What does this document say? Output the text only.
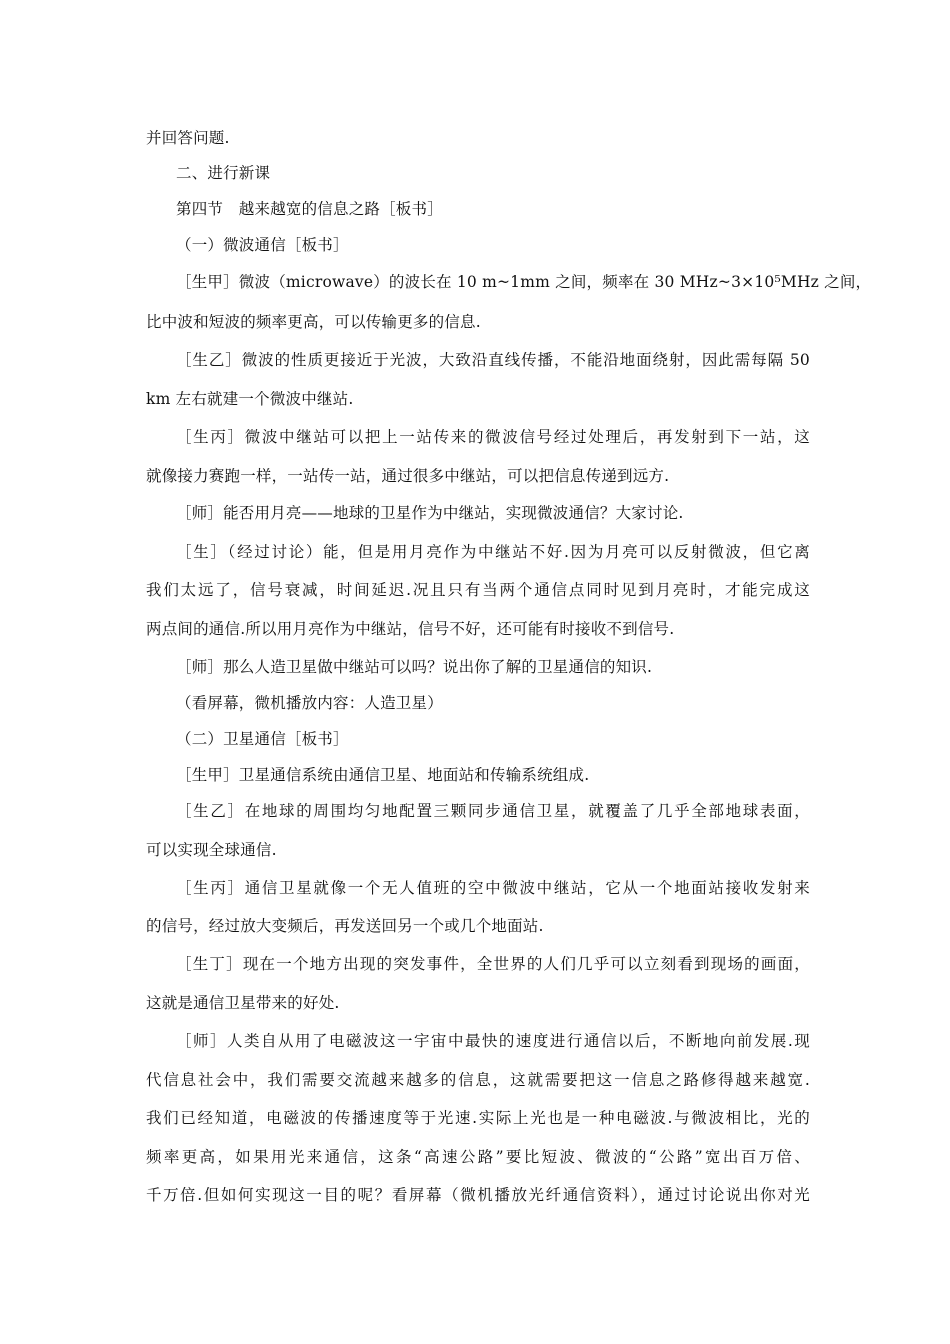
并回答问题.
二、进行新课
第四节　越来越宽的信息之路［板书］
（一）微波通信［板书］
［生甲］微波（microwave）的波长在 10 m~1mm 之间，频率在 30 MHz~3×10⁵MHz 之间，
比中波和短波的频率更高，可以传输更多的信息.
［生乙］微波的性质更接近于光波，大致沿直线传播，不能沿地面绕射，因此需每隔 50
km 左右就建一个微波中继站.
［生丙］微波中继站可以把上一站传来的微波信号经过处理后，再发射到下一站，这
就像接力赛跑一样，一站传一站，通过很多中继站，可以把信息传递到远方.
［师］能否用月亮——地球的卫星作为中继站，实现微波通信？大家讨论.
［生］（经过讨论）能，但是用月亮作为中继站不好.因为月亮可以反射微波，但它离
我们太远了，信号衰减，时间延迟.况且只有当两个通信点同时见到月亮时，才能完成这
两点间的通信.所以用月亮作为中继站，信号不好，还可能有时接收不到信号.
［师］那么人造卫星做中继站可以吗？说出你了解的卫星通信的知识.
（看屏幕，微机播放内容：人造卫星）
（二）卫星通信［板书］
［生甲］卫星通信系统由通信卫星、地面站和传输系统组成.
［生乙］在地球的周围均匀地配置三颗同步通信卫星，就覆盖了几乎全部地球表面，
可以实现全球通信.
［生丙］通信卫星就像一个无人值班的空中微波中继站，它从一个地面站接收发射来
的信号，经过放大变频后，再发送回另一个或几个地面站.
［生丁］现在一个地方出现的突发事件，全世界的人们几乎可以立刻看到现场的画面，
这就是通信卫星带来的好处.
［师］人类自从用了电磁波这一宇宙中最快的速度进行通信以后，不断地向前发展.现
代信息社会中，我们需要交流越来越多的信息，这就需要把这一信息之路修得越来越宽.
我们已经知道，电磁波的传播速度等于光速.实际上光也是一种电磁波.与微波相比，光的
频率更高，如果用光来通信，这条“高速公路”要比短波、微波的“公路”宽出百万倍、
千万倍.但如何实现这一目的呢？看屏幕（微机播放光纤通信资料），通过讨论说出你对光
